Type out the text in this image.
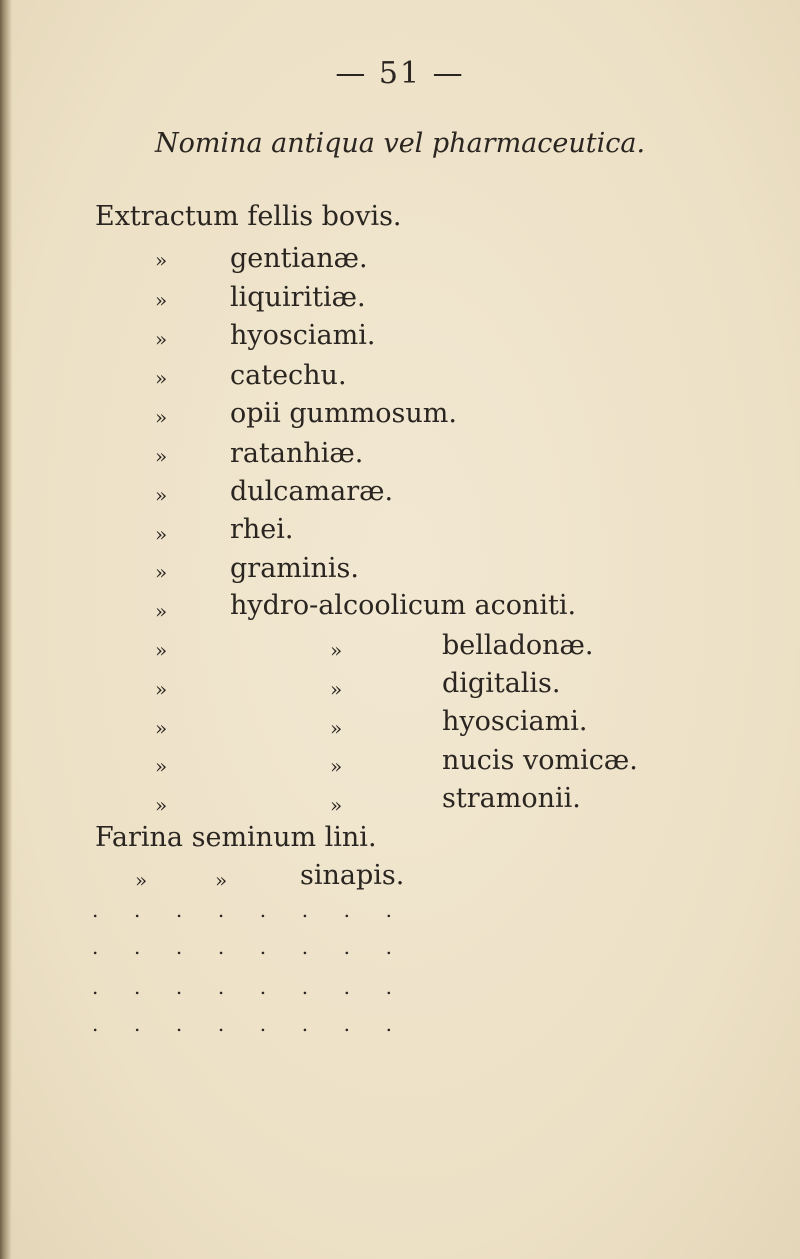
— 51 —
Nomina antiqua vel pharmaceutica.
Extractum fellis bovis.
» gentianæ.
» liquiritiæ.
» hyosciami.
» catechu.
» opii gummosum.
» ratanhiæ.
» dulcamaræ.
» rhei.
» graminis.
» hydro-alcoolicum aconiti.
»	»	belladonæ.
»	»	digitalis.
»	»	hyosciami.
»	»	nucis vomicæ.
»	»	stramonii.
Farina seminum lini.
»	»	sinapis.
. . . . . . . .
. . . . . . . .
. . . . . . . .
. . . . . . . .
